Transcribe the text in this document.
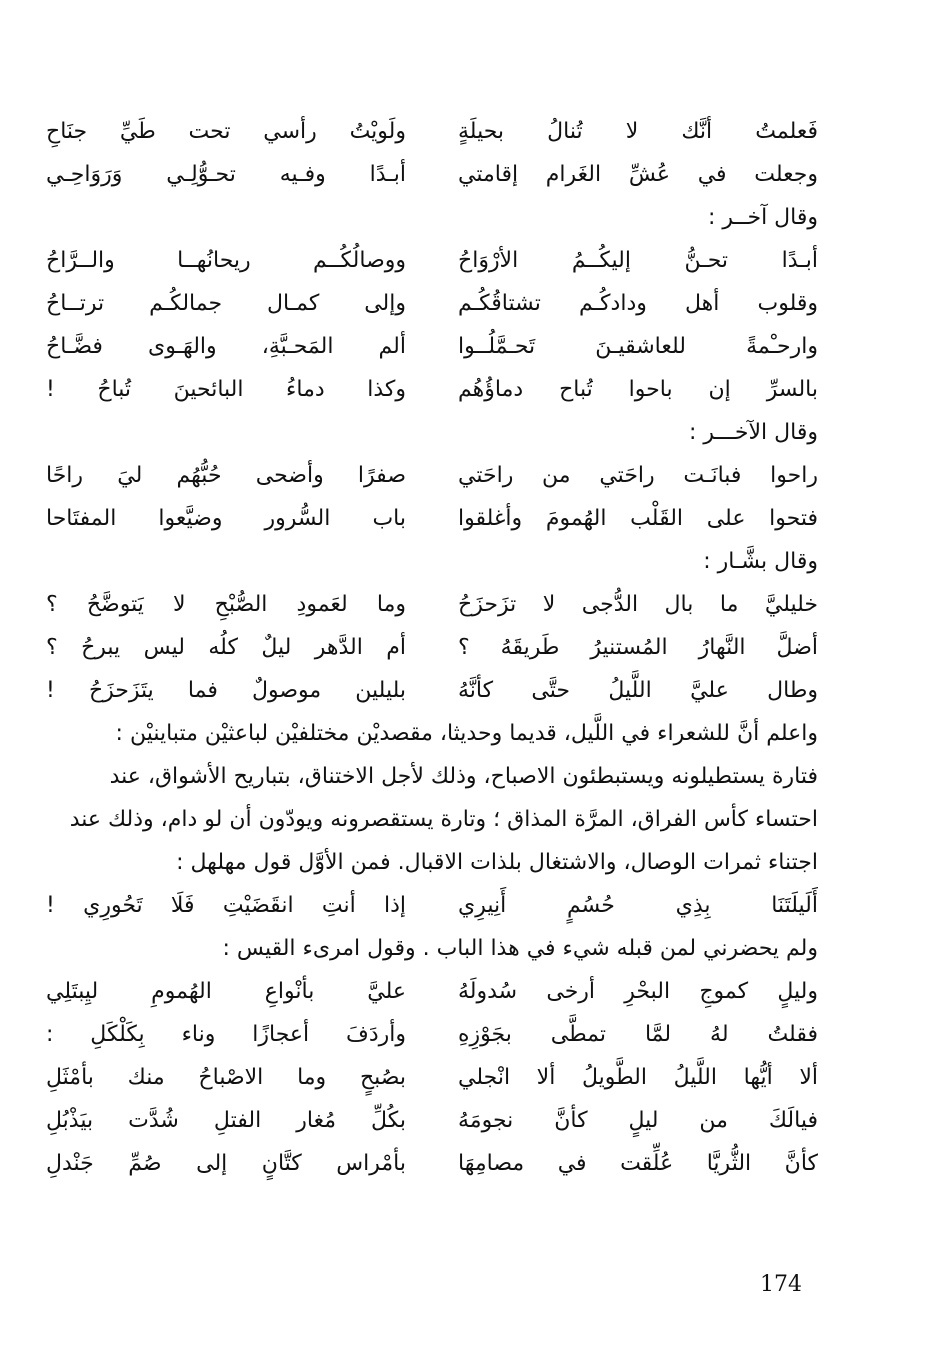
فَعلمتُ أنَّك لا تُنالُ بحيلَةٍ
ولَويْتُ رأسي تحت طَيِّ جنَاحِ
وجعلت في عُشِّ الغَرام إقامتي
أبـدًا وفـيه تحـوُّلِـي وَرَوَاحِـي
وقال آخــر :
أبـدًا تحـنُّ إليكُــمُ الأرْوَاحُ
ووصالُكُــم ريحانُهــا والــرَّاحُ
وقلوب أهل ودادكُـم تشتاقُكُـم
وإلى كمـال جمالكُـم ترتــاحُ
وارحـْمةً للعاشقيـنَ تَحـمَّلُــوا
ألم المَحـبَّةِ، والهَـوى فضَّـاحُ
بالسرِّ إن باحوا تُباح دماؤُهُم
وكذا دماءُ البائحينَ تُباحُ !
وقال الآخـــر :
راحوا فبانَـت راحَتي من راحَتي
صفرًا وأضحى حُبُّهُم ليَ راحًا
فتحوا على القَلْب الهُمومَ وأغلقوا
باب السُّرور وضيَّعوا المفتَاحا
وقال بشَّـار :
خليليَّ ما بال الدُّجى لا تزَحزَحُ
وما لعَمودِ الصُّبْحِ لا يَتوضَّحُ ؟
أضلَّ النَّهارُ المُستنيرُ طَريقَهُ ؟
أم الدَّهر ليلٌ كلُه ليس يبرحُ ؟
وطال عليَّ اللَّيلُ حتَّى كأنَّهُ
بليلين موصولٌ فما يتَزَحزَحُ !
واعلم أنَّ للشعراء في اللَّيل، قديما وحديثا، مقصديْن مختلفيْن لباعثيْن متباينيْن :
فتارة يستطيلونه ويستبطئون الاصباح، وذلك لأجل الاختناق، بتباريح الأشواق، عند
احتساء كأس الفراق، المرَّة المذاق ؛ وتارة يستقصرونه ويودّون أن لو دام، وذلك عند
اجتناء ثمرات الوصال، والاشتغال بلذات الاقبال. فمن الأوَّل قول مهلهل :
أَلَيلَتَنَا بِذِي حُسُمٍ أَنِيرِي
إذا أنتِ انقَضَيْتِ فَلَا تَحُورِي !
ولم يحضرني لمن قبله شيء في هذا الباب . وقول امرىء القيس :
وليلٍ كموجِ البحْرِ أرخى سُدولَهُ
عليَّ بأنْواعِ الهُمومِ ليِبتَلِي
فقلتُ لهُ لمَّا تمطَّى بجَوْزِهِ
وأردَفَ أعجازًا وناء بِكَلْكَلِ :
ألا أيُّها اللَّيلُ الطَّويلُ ألا انْجلي
بصُبحٍ وما الاصْباحُ منك بأمْثَلِ
فيالَكَ من ليلٍ كأنَّ نجومَهُ
بكُلِّ مُغار الفتلِ شُدَّت بيَذْبُلِ
كأنَّ الثُّريَّا عُلِّقت في مصامِهَا
بأمْراس كتَّانٍ إلى صُمِّ جَنْدلِ
174
